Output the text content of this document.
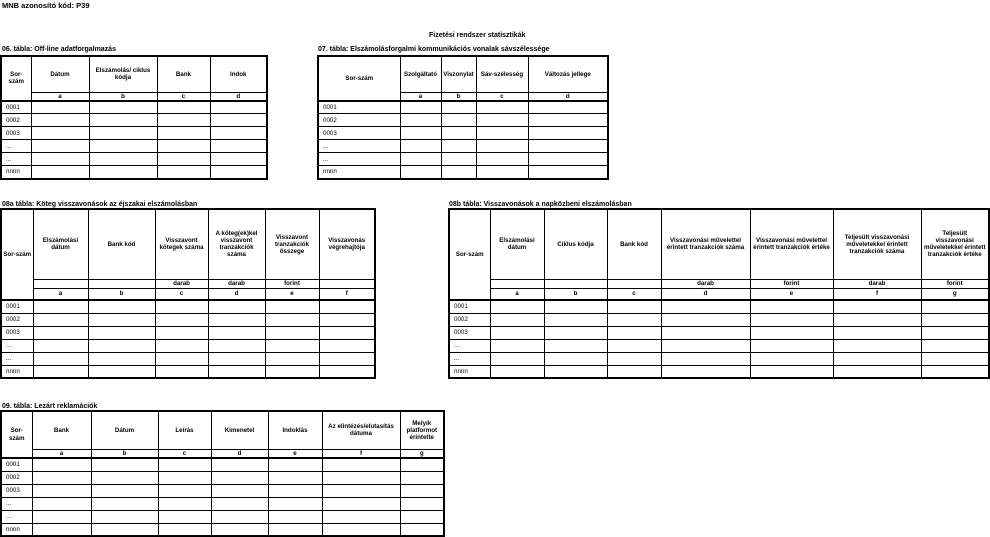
MNB azonosító kód: P39
Fizetési rendszer statisztikák
06. tábla: Off-line adatforgalmazás	07. tábla: Elszámolásforgalmi kommunikációs vonalak sávszélessége
08a tábla: Köteg visszavonások az éjszakai elszámolásban	08b tábla: Visszavonások a napközbeni elszámolásban
09. tábla: Lezárt reklamációk
Sor-szám	Dátum	Elszámolás/ ciklus kódja	Bank	Indok
	a	b	c	d
0001				
0002				
0003				
...				
...				
nnnn				
Sor-szám	Szolgáltató	Viszonylat	Sáv-szélesség	Változás jellege
	a	b	c	d
0001				
0002				
0003				
...				
...				
nnnn				
Sor-szám	Elszámolási dátum	Bank kód	Visszavont kötegek száma	A köteg(ek)kel visszavont tranzakciók száma	Visszavont tranzakciók összege	Visszavonás végrehajtója
			darab	darab	forint	
	a	b	c	d	e	f
0001						
0002						
0003						
...						
...						
nnnn						
Sor-szám	Elszámolási dátum	Ciklus kódja	Bank kód	Visszavonási művelettel érintett tranzakciók száma	Visszavonási művelettel érintett tranzakciók értéke	Teljesült visszavonási műveletekkel érintett tranzakciók száma	Teljesült visszavonási műveletekkel érintett tranzakciók értéke
				darab	forint	darab	forint
	a	b	c	d	e	f	g
0001							
0002							
0003							
...							
...							
nnnn							
Sor-szám	Bank	Dátum	Leírás	Kimenetel	Indoklás	Az elintézés/elutasítás dátuma	Melyik platformot érintette
	a	b	c	d	e	f	g
0001							
0002							
0003							
...							
...							
nnnn							
